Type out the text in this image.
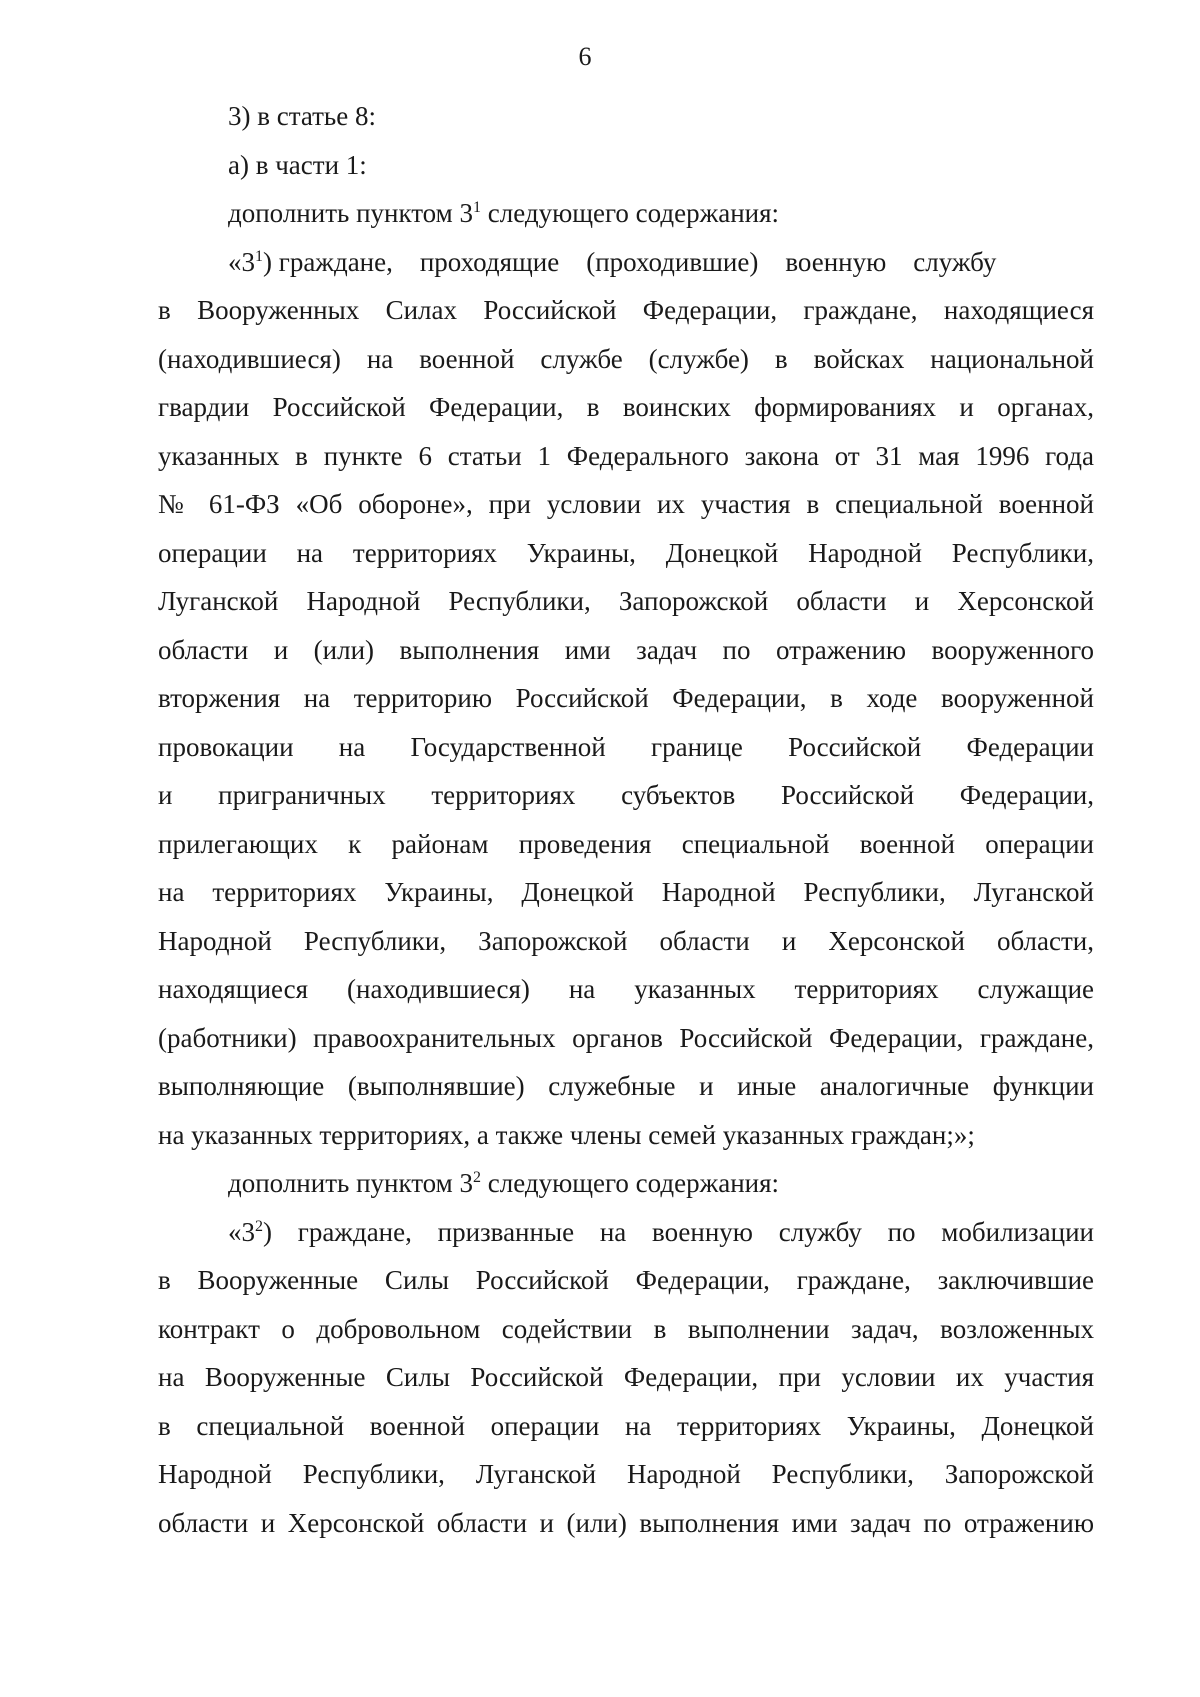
6
3) в статье 8:
а) в части 1:
дополнить пунктом $3^1$ следующего содержания:
«$3^1$) граждане,    проходящие    (проходившие)    военную    службу
в Вооруженных Силах Российской Федерации, граждане, находящиеся
(находившиеся) на военной службе (службе) в войсках национальной
гвардии Российской Федерации, в воинских формированиях и органах,
указанных в пункте 6 статьи 1 Федерального закона от 31 мая 1996 года
№ 61-ФЗ «Об обороне», при условии их участия в специальной военной
операции на территориях Украины, Донецкой Народной Республики,
Луганской Народной Республики, Запорожской области и Херсонской
области и (или) выполнения ими задач по отражению вооруженного
вторжения на территорию Российской Федерации, в ходе вооруженной
провокации на Государственной границе Российской Федерации
и приграничных территориях субъектов Российской Федерации,
прилегающих к районам проведения специальной военной операции
на территориях Украины, Донецкой Народной Республики, Луганской
Народной Республики, Запорожской области и Херсонской области,
находящиеся (находившиеся) на указанных территориях служащие
(работники) правоохранительных органов Российской Федерации, граждане,
выполняющие (выполнявшие) служебные и иные аналогичные функции
на указанных территориях, а также члены семей указанных граждан;»;
дополнить пунктом $3^2$ следующего содержания:
«$3^2$) граждане, призванные на военную службу по мобилизации
в Вооруженные Силы Российской Федерации, граждане, заключившие
контракт о добровольном содействии в выполнении задач, возложенных
на Вооруженные Силы Российской Федерации, при условии их участия
в специальной военной операции на территориях Украины, Донецкой
Народной Республики, Луганской Народной Республики, Запорожской
области и Херсонской области и (или) выполнения ими задач по отражению
